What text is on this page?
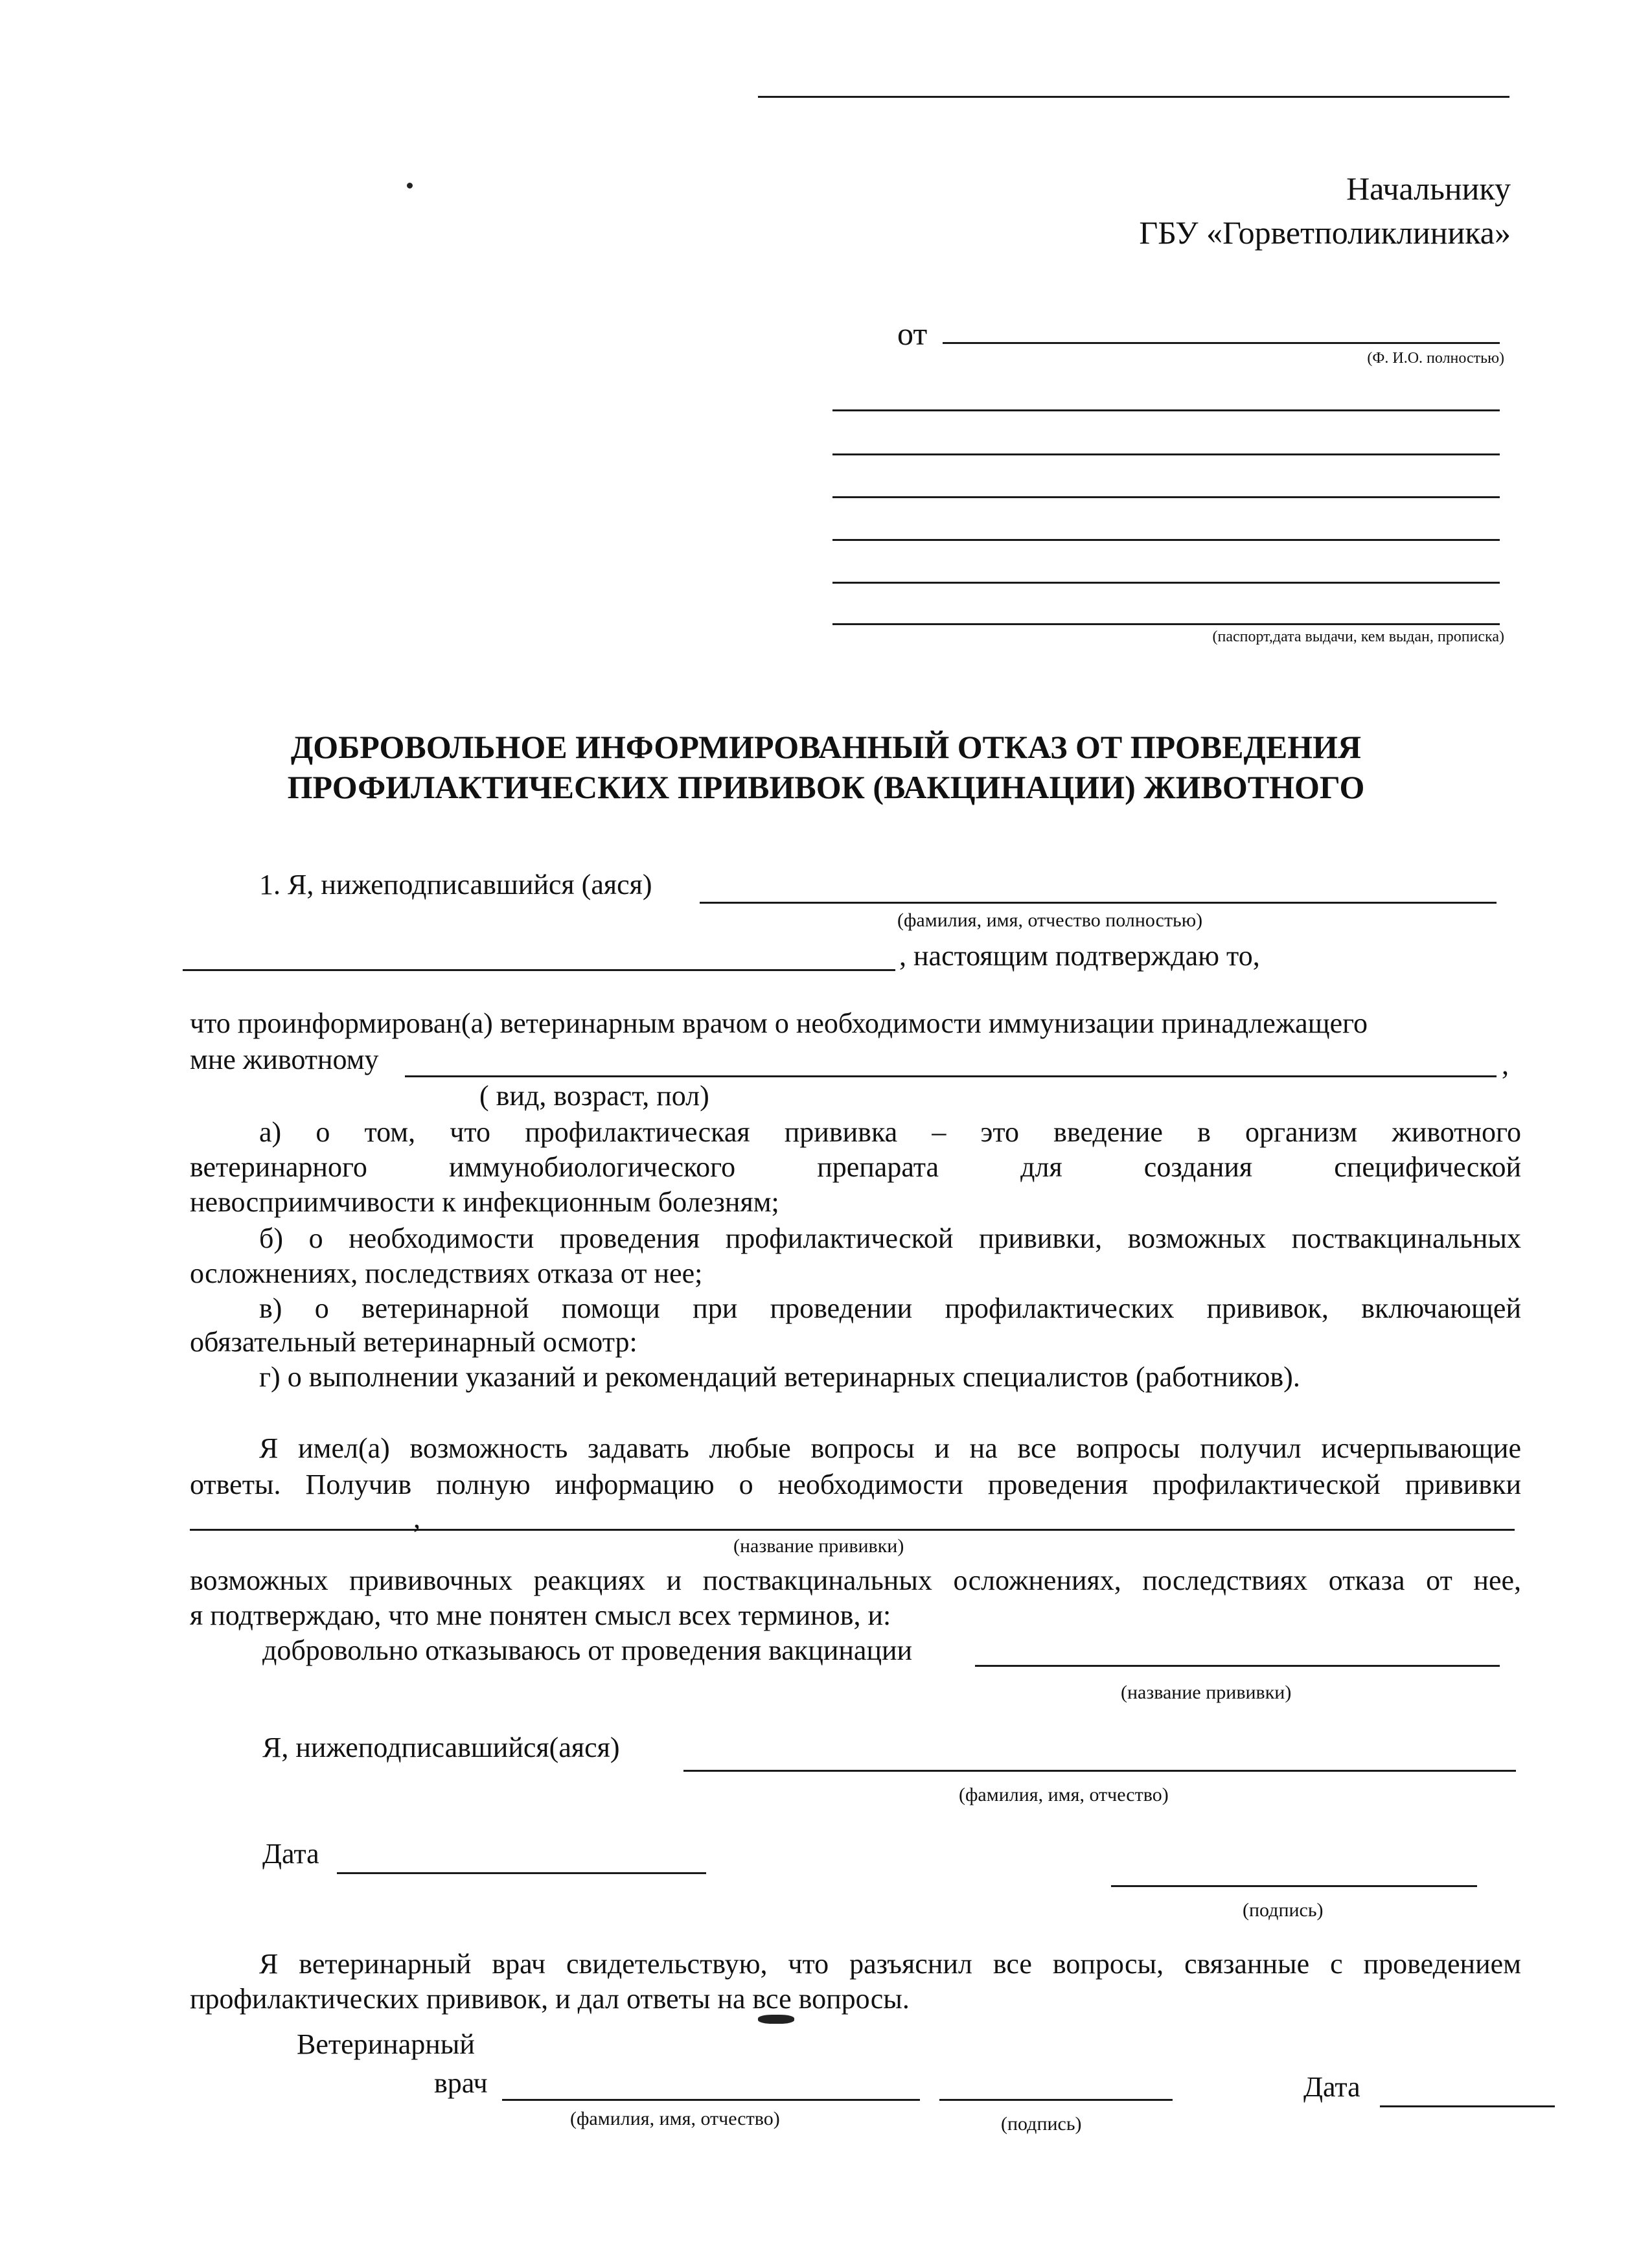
Начальнику
ГБУ «Горветполиклиника»
от
(Ф. И.О. полностью)
(паспорт,дата выдачи, кем выдан, прописка)
ДОБРОВОЛЬНОЕ ИНФОРМИРОВАННЫЙ ОТКАЗ ОТ ПРОВЕДЕНИЯ
ПРОФИЛАКТИЧЕСКИХ ПРИВИВОК (ВАКЦИНАЦИИ) ЖИВОТНОГО
1. Я, нижеподписавшийся (аяся)
(фамилия, имя, отчество полностью)
, настоящим подтверждаю то,
что проинформирован(а) ветеринарным врачом о необходимости иммунизации принадлежащего
мне животному	,
( вид, возраст, пол)
а) о том, что профилактическая прививка – это введение в организм животного
ветеринарного иммунобиологического препарата для создания специфической
невосприимчивости к инфекционным болезням;
б) о необходимости проведения профилактической прививки, возможных поствакцинальных
осложнениях, последствиях отказа от нее;
в) о ветеринарной помощи при проведении профилактических прививок, включающей
обязательный ветеринарный осмотр:
г) о выполнении указаний и рекомендаций ветеринарных специалистов (работников).
Я имел(а) возможность задавать любые вопросы и на все вопросы получил исчерпывающие
ответы. Получив полную информацию о необходимости проведения профилактической прививки
,
(название прививки)
возможных прививочных реакциях и поствакцинальных осложнениях, последствиях отказа от нее,
я подтверждаю, что мне понятен смысл всех терминов, и:
добровольно отказываюсь от проведения вакцинации
(название прививки)
Я, нижеподписавшийся(аяся)
(фамилия, имя, отчество)
Дата
(подпись)
Я ветеринарный врач свидетельствую, что разъяснил все вопросы, связанные с проведением
профилактических прививок, и дал ответы на все вопросы.
Ветеринарный
врач	Дата
(фамилия, имя, отчество)	(подпись)
